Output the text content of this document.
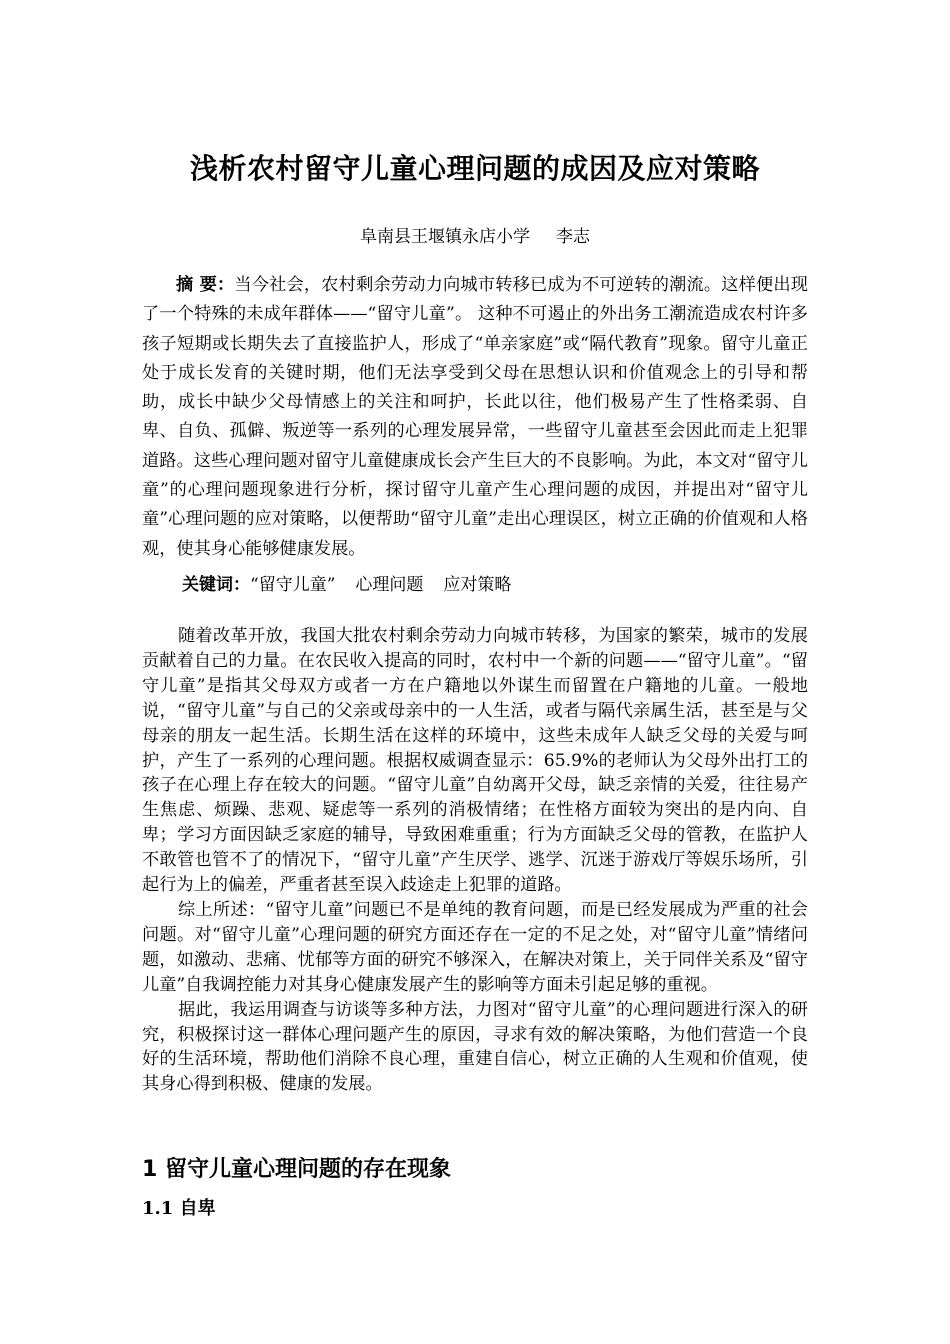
浅析农村留守儿童心理问题的成因及应对策略
阜南县王堰镇永店小学 李志

摘 要：当今社会，农村剩余劳动力向城市转移已成为不可逆转的潮流。这样便出现了一个特殊的未成年群体——“留守儿童”。 这种不可遏止的外出务工潮流造成农村许多孩子短期或长期失去了直接监护人，形成了“单亲家庭”或“隔代教育”现象。留守儿童正处于成长发育的关键时期，他们无法享受到父母在思想认识和价值观念上的引导和帮助，成长中缺少父母情感上的关注和呵护，长此以往，他们极易产生了性格柔弱、自卑、自负、孤僻、叛逆等一系列的心理发展异常，一些留守儿童甚至会因此而走上犯罪道路。这些心理问题对留守儿童健康成长会产生巨大的不良影响。为此，本文对“留守儿童”的心理问题现象进行分析，探讨留守儿童产生心理问题的成因，并提出对“留守儿童”心理问题的应对策略，以便帮助“留守儿童”走出心理误区，树立正确的价值观和人格观，使其身心能够健康发展。

关键词：“留守儿童” 心理问题 应对策略

随着改革开放，我国大批农村剩余劳动力向城市转移，为国家的繁荣，城市的发展贡献着自己的力量。在农民收入提高的同时，农村中一个新的问题——“留守儿童”。“留守儿童”是指其父母双方或者一方在户籍地以外谋生而留置在户籍地的儿童。一般地说，“留守儿童”与自己的父亲或母亲中的一人生活，或者与隔代亲属生活，甚至是与父母亲的朋友一起生活。长期生活在这样的环境中，这些未成年人缺乏父母的关爱与呵护，产生了一系列的心理问题。根据权威调查显示：65.9%的老师认为父母外出打工的孩子在心理上存在较大的问题。“留守儿童”自幼离开父母，缺乏亲情的关爱，往往易产生焦虑、烦躁、悲观、疑虑等一系列的消极情绪；在性格方面较为突出的是内向、自卑；学习方面因缺乏家庭的辅导，导致困难重重；行为方面缺乏父母的管教，在监护人不敢管也管不了的情况下，“留守儿童”产生厌学、逃学、沉迷于游戏厅等娱乐场所，引起行为上的偏差，严重者甚至误入歧途走上犯罪的道路。

综上所述：“留守儿童”问题已不是单纯的教育问题，而是已经发展成为严重的社会问题。对“留守儿童”心理问题的研究方面还存在一定的不足之处，对“留守儿童”情绪问题，如激动、悲痛、忧郁等方面的研究不够深入，在解决对策上，关于同伴关系及“留守儿童”自我调控能力对其身心健康发展产生的影响等方面未引起足够的重视。

据此，我运用调查与访谈等多种方法，力图对“留守儿童”的心理问题进行深入的研究，积极探讨这一群体心理问题产生的原因，寻求有效的解决策略，为他们营造一个良好的生活环境，帮助他们消除不良心理，重建自信心，树立正确的人生观和价值观，使其身心得到积极、健康的发展。

1 留守儿童心理问题的存在现象
1.1 自卑
